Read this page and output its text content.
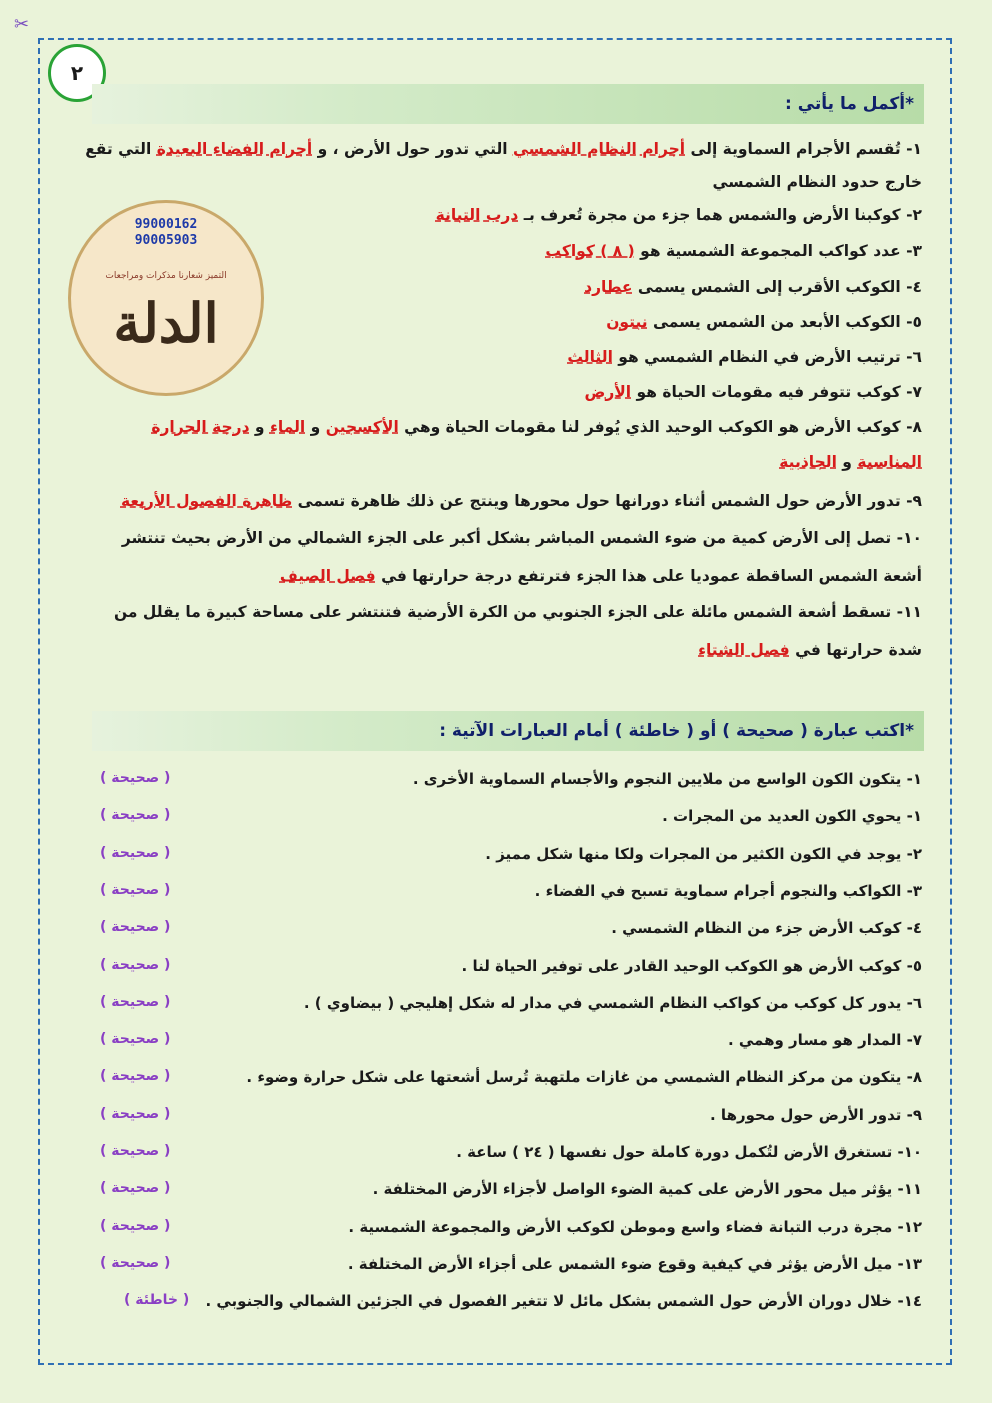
✂
٢
*أكمل ما يأتي :
١- تُقسم الأجرام السماوية إلى أجرام النظام الشمسي التي تدور حول الأرض ، و أجرام الفضاء البعيدة التي تقع
خارج حدود النظام الشمسي
٢- كوكبنا الأرض والشمس هما جزء من مجرة تُعرف بـ درب التبانة
٣- عدد كواكب المجموعة الشمسية هو ( ٨ ) كواكب
٤- الكوكب الأقرب إلى الشمس يسمى عطارد
٥- الكوكب الأبعد من الشمس يسمى نبتون
٦- ترتيب الأرض في النظام الشمسي هو الثالث
٧- كوكب تتوفر فيه مقومات الحياة هو الأرض
٨- كوكب الأرض هو الكوكب الوحيد الذي يُوفر لنا مقومات الحياة وهي الأكسجين و الماء و درجة الحرارة
المناسبة و الجاذبية
٩- تدور الأرض حول الشمس أثناء دورانها حول محورها وينتج عن ذلك ظاهرة تسمى ظاهرة الفصول الأربعة
١٠- تصل إلى الأرض كمية من ضوء الشمس المباشر بشكل أكبر على الجزء الشمالي من الأرض بحيث تنتشر
أشعة الشمس الساقطة عموديا على هذا الجزء فترتفع درجة حرارتها في فصل الصيف
١١- تسقط أشعة الشمس مائلة على الجزء الجنوبي من الكرة الأرضية فتنتشر على مساحة كبيرة ما يقلل من
شدة حرارتها في فصل الشتاء
99000162
90005903
التميز شعارنا مذكرات ومراجعات
الدلة
*اكتب عبارة ( صحيحة ) أو ( خاطئة ) أمام العبارات الآتية :
١- يتكون الكون الواسع من ملايين النجوم والأجسام السماوية الأخرى .
( صحيحة )
١- يحوي الكون العديد من المجرات .
( صحيحة )
٢- يوجد في الكون الكثير من المجرات ولكا منها شكل مميز .
( صحيحة )
٣- الكواكب والنجوم أجرام سماوية تسبح في الفضاء .
( صحيحة )
٤- كوكب الأرض جزء من النظام الشمسي .
( صحيحة )
٥- كوكب الأرض هو الكوكب الوحيد القادر على توفير الحياة لنا .
( صحيحة )
٦- يدور كل كوكب من كواكب النظام الشمسي في مدار له شكل إهليجي ( بيضاوي ) .
( صحيحة )
٧- المدار هو مسار وهمي .
( صحيحة )
٨- يتكون من مركز النظام الشمسي من غازات ملتهبة تُرسل أشعتها على شكل حرارة وضوء .
( صحيحة )
٩- تدور الأرض حول محورها .
( صحيحة )
١٠- تستغرق الأرض لتُكمل دورة كاملة حول نفسها ( ٢٤ ) ساعة .
( صحيحة )
١١- يؤثر ميل محور الأرض على كمية الضوء الواصل لأجزاء الأرض المختلفة .
( صحيحة )
١٢- مجرة درب التبانة فضاء واسع وموطن لكوكب الأرض والمجموعة الشمسية .
( صحيحة )
١٣- ميل الأرض يؤثر في كيفية وقوع ضوء الشمس على أجزاء الأرض المختلفة .
( صحيحة )
١٤- خلال دوران الأرض حول الشمس بشكل مائل لا تتغير الفصول في الجزئين الشمالي والجنوبي .
( خاطئة )
